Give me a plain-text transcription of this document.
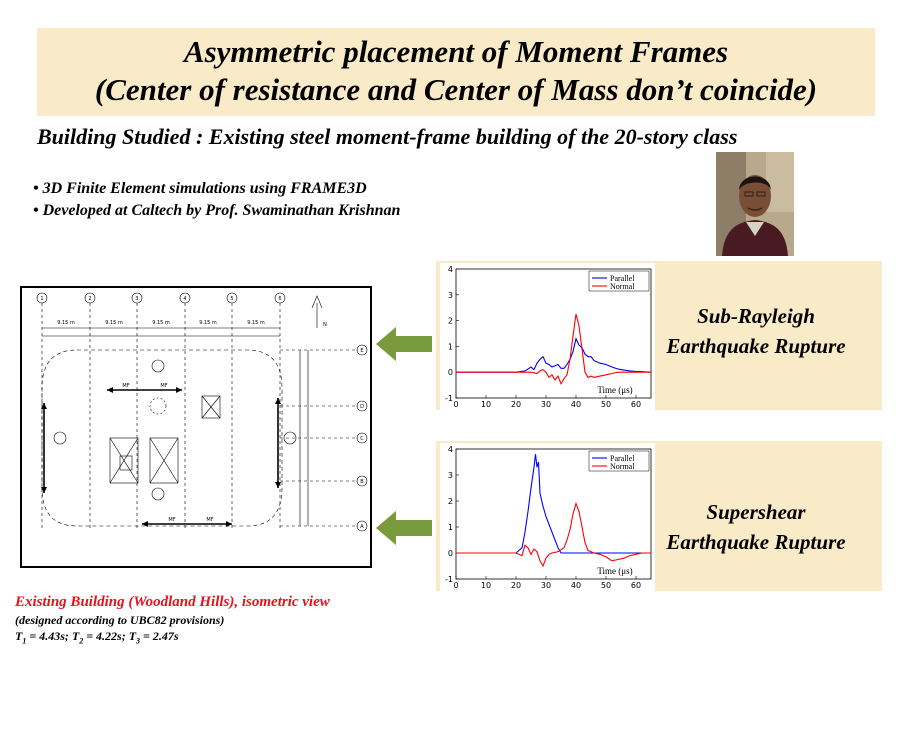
Asymmetric placement of Moment Frames
(Center of resistance and Center of Mass don’t coincide)
Building Studied : Existing steel moment-frame building of the 20-story class
• 3D Finite Element simulations using FRAME3D
• Developed at Caltech by Prof. Swaminathan Krishnan
1	2	3	4	5	6
E
D
C
B
A
9.15 m	9.15 m	9.15 m	9.15 m	9.15 m	N
MF	MF
MF	MF
0	10 20 30 40 50 60
-1
0
1
2
3
4
Parallel
Normal
Time (μs)
Sub-Rayleigh
Earthquake Rupture
0	10 20 30 40 50 60
-1
0
1
2
3
4
Parallel
Normal
Time (μs)
Supershear
Earthquake Rupture
Existing Building (Woodland Hills), isometric view
(designed according to UBC82 provisions)
$T_1 = 4.43s$; $T_2 = 4.22s$; $T_3 = 2.47s$
